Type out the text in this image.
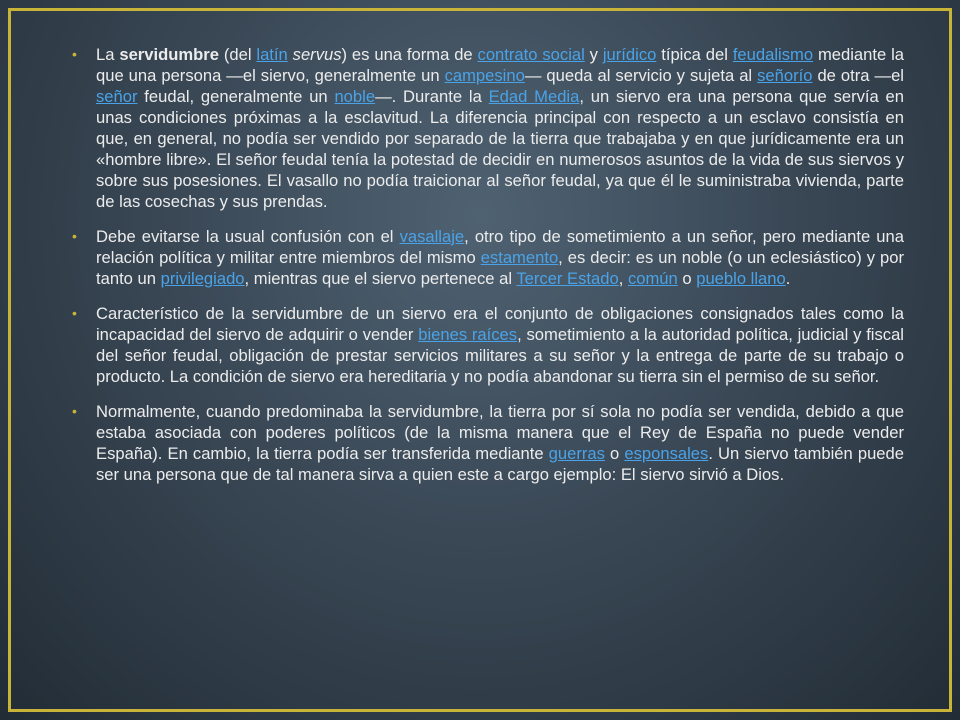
• La servidumbre (del latín servus) es una forma de contrato social y jurídico típica del feudalismo mediante la que una persona —el siervo, generalmente un campesino— queda al servicio y sujeta al señorío de otra —el señor feudal, generalmente un noble—. Durante la Edad Media, un siervo era una persona que servía en unas condiciones próximas a la esclavitud. La diferencia principal con respecto a un esclavo consistía en que, en general, no podía ser vendido por separado de la tierra que trabajaba y en que jurídicamente era un «hombre libre». El señor feudal tenía la potestad de decidir en numerosos asuntos de la vida de sus siervos y sobre sus posesiones. El vasallo no podía traicionar al señor feudal, ya que él le suministraba vivienda, parte de las cosechas y sus prendas.
• Debe evitarse la usual confusión con el vasallaje, otro tipo de sometimiento a un señor, pero mediante una relación política y militar entre miembros del mismo estamento, es decir: es un noble (o un eclesiástico) y por tanto un privilegiado, mientras que el siervo pertenece al Tercer Estado, común o pueblo llano.
• Característico de la servidumbre de un siervo era el conjunto de obligaciones consignados tales como la incapacidad del siervo de adquirir o vender bienes raíces, sometimiento a la autoridad política, judicial y fiscal del señor feudal, obligación de prestar servicios militares a su señor y la entrega de parte de su trabajo o producto. La condición de siervo era hereditaria y no podía abandonar su tierra sin el permiso de su señor.
• Normalmente, cuando predominaba la servidumbre, la tierra por sí sola no podía ser vendida, debido a que estaba asociada con poderes políticos (de la misma manera que el Rey de España no puede vender España). En cambio, la tierra podía ser transferida mediante guerras o esponsales. Un siervo también puede ser una persona que de tal manera sirva a quien este a cargo ejemplo: El siervo sirvió a Dios.
